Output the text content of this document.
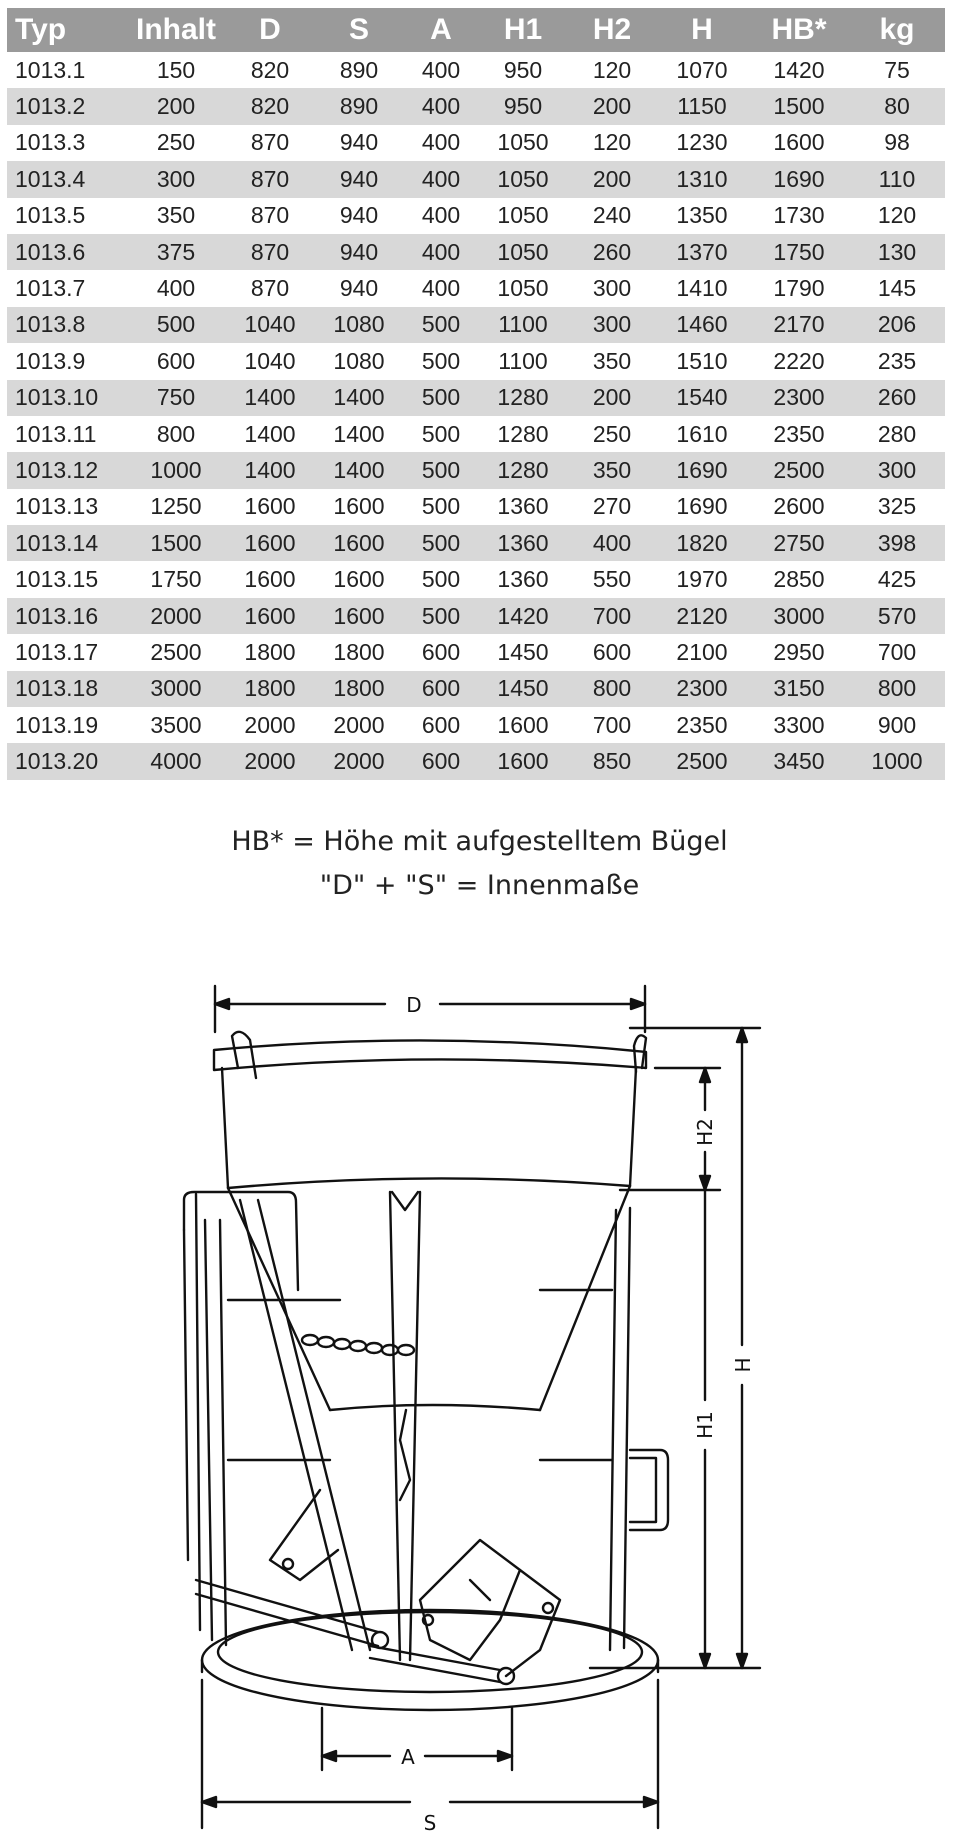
Typ	Inhalt	D	S	A	H1	H2	H	HB*	kg
1013.1	150	820	890	400	950	120	1070	1420	75
1013.2	200	820	890	400	950	200	1150	1500	80
1013.3	250	870	940	400	1050	120	1230	1600	98
1013.4	300	870	940	400	1050	200	1310	1690	110
1013.5	350	870	940	400	1050	240	1350	1730	120
1013.6	375	870	940	400	1050	260	1370	1750	130
1013.7	400	870	940	400	1050	300	1410	1790	145
1013.8	500	1040	1080	500	1100	300	1460	2170	206
1013.9	600	1040	1080	500	1100	350	1510	2220	235
1013.10	750	1400	1400	500	1280	200	1540	2300	260
1013.11	800	1400	1400	500	1280	250	1610	2350	280
1013.12	1000	1400	1400	500	1280	350	1690	2500	300
1013.13	1250	1600	1600	500	1360	270	1690	2600	325
1013.14	1500	1600	1600	500	1360	400	1820	2750	398
1013.15	1750	1600	1600	500	1360	550	1970	2850	425
1013.16	2000	1600	1600	500	1420	700	2120	3000	570
1013.17	2500	1800	1800	600	1450	600	2100	2950	700
1013.18	3000	1800	1800	600	1450	800	2300	3150	800
1013.19	3500	2000	2000	600	1600	700	2350	3300	900
1013.20	4000	2000	2000	600	1600	850	2500	3450	1000
HB* = Höhe mit aufgestelltem Bügel
"D" + "S" = Innenmaße
D
H2
H1
H
A
S
